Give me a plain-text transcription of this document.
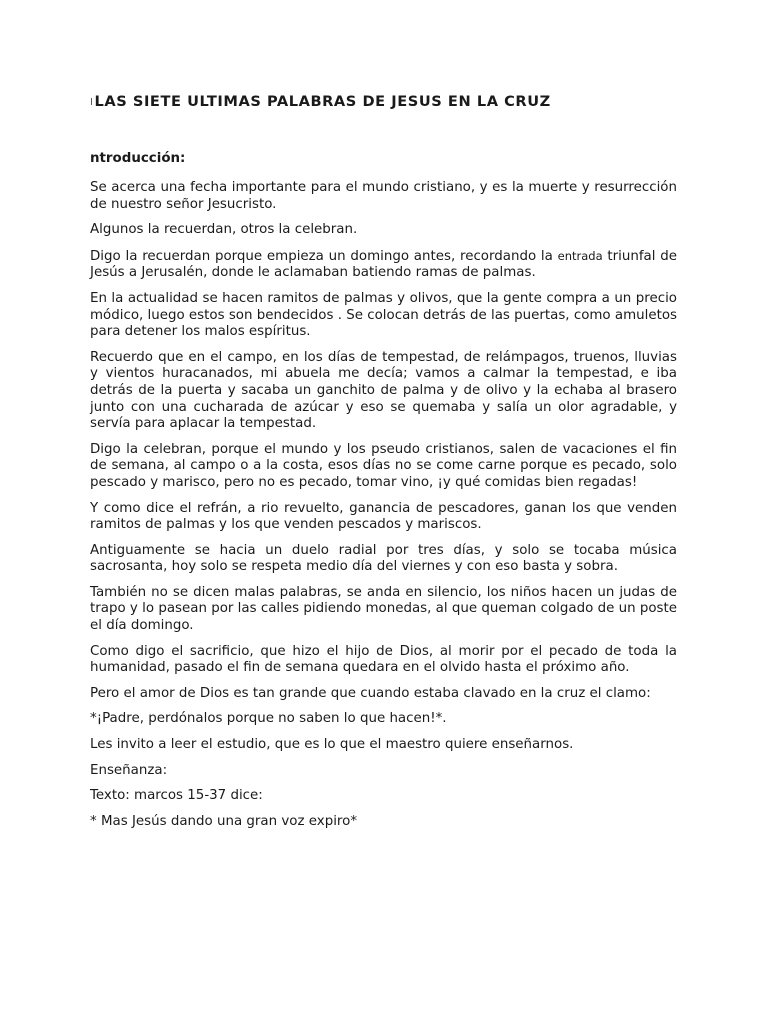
ILAS SIETE ULTIMAS PALABRAS DE JESUS EN LA CRUZ

ntroducción:

Se acerca una fecha importante para el mundo cristiano, y es la muerte y resurrección de nuestro señor Jesucristo.

Algunos la recuerdan, otros la celebran.

Digo la recuerdan porque empieza un domingo antes, recordando la entrada triunfal de Jesús a Jerusalén, donde le aclamaban batiendo ramas de palmas.

En la actualidad se hacen ramitos de palmas y olivos, que la gente compra a un precio módico, luego estos son bendecidos . Se colocan detrás de las puertas, como amuletos para detener los malos espíritus.

Recuerdo que en el campo, en los días de tempestad, de relámpagos, truenos, lluvias y vientos huracanados, mi abuela me decía; vamos a calmar la tempestad, e iba detrás de la puerta y sacaba un ganchito de palma y de olivo y la echaba al brasero junto con una cucharada de azúcar y eso se quemaba y salía un olor agradable, y servía para aplacar la tempestad.

Digo la celebran, porque el mundo y los pseudo cristianos, salen de vacaciones el fin de semana, al campo o a la costa, esos días no se come carne porque es pecado, solo pescado y marisco, pero no es pecado, tomar vino, ¡y qué comidas bien regadas!

Y como dice el refrán, a rio revuelto, ganancia de pescadores, ganan los que venden ramitos de palmas y los que venden pescados y mariscos.

Antiguamente se hacia un duelo radial por tres días, y solo se tocaba música sacrosanta, hoy solo se respeta medio día del viernes y con eso basta y sobra.

También no se dicen malas palabras, se anda en silencio, los niños hacen un judas de trapo y lo pasean por las calles pidiendo monedas, al que queman colgado de un poste el día domingo.

Como digo el sacrificio, que hizo el hijo de Dios, al morir por el pecado de toda la humanidad, pasado el fin de semana quedara en el olvido hasta el próximo año.

Pero el amor de Dios es tan grande que cuando estaba clavado en la cruz el clamo:

*¡Padre, perdónalos porque no saben lo que hacen!*.

Les invito a leer el estudio, que es lo que el maestro quiere enseñarnos.

Enseñanza:

Texto: marcos 15-37 dice:

* Mas Jesús dando una gran voz expiro*
